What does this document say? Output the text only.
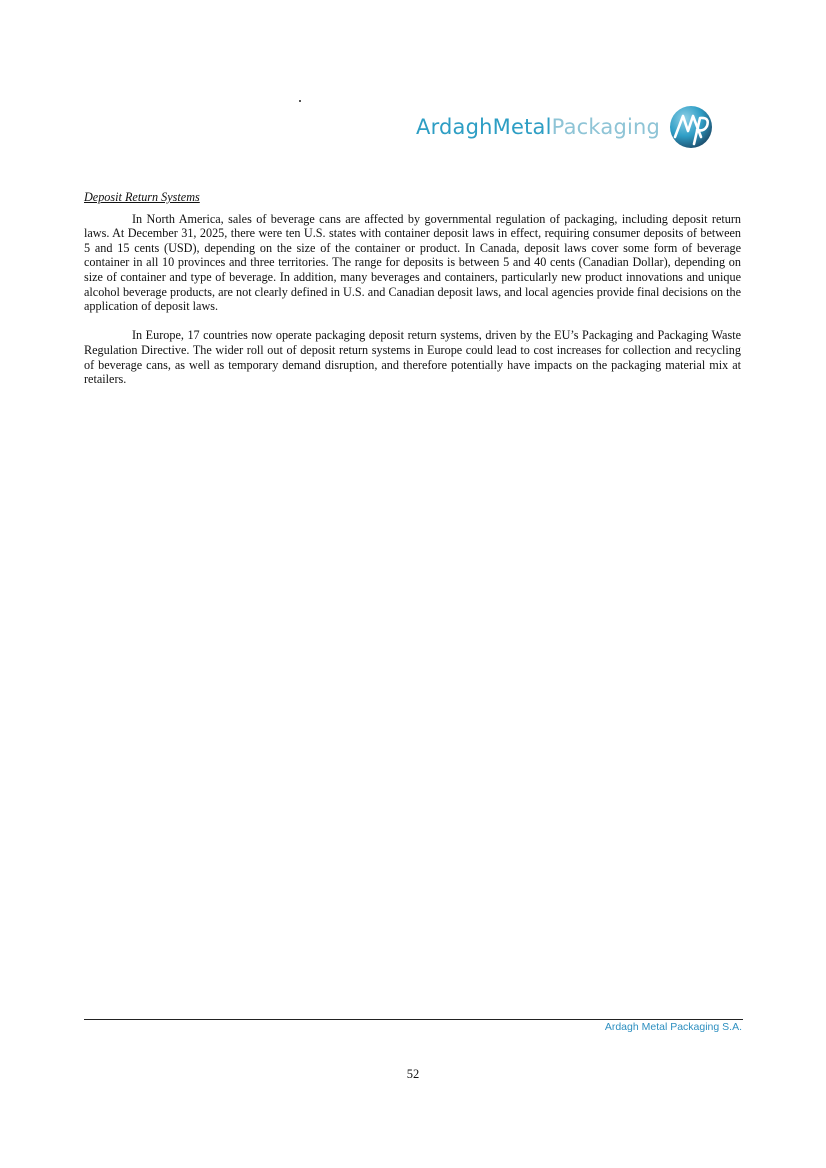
ArdaghMetalPackaging

Deposit Return Systems

In North America, sales of beverage cans are affected by governmental regulation of packaging, including deposit return laws. At December 31, 2025, there were ten U.S. states with container deposit laws in effect, requiring consumer deposits of between 5 and 15 cents (USD), depending on the size of the container or product. In Canada, deposit laws cover some form of beverage container in all 10 provinces and three territories. The range for deposits is between 5 and 40 cents (Canadian Dollar), depending on size of container and type of beverage. In addition, many beverages and containers, particularly new product innovations and unique alcohol beverage products, are not clearly defined in U.S. and Canadian deposit laws, and local agencies provide final decisions on the application of deposit laws.

In Europe, 17 countries now operate packaging deposit return systems, driven by the EU’s Packaging and Packaging Waste Regulation Directive. The wider roll out of deposit return systems in Europe could lead to cost increases for collection and recycling of beverage cans, as well as temporary demand disruption, and therefore potentially have impacts on the packaging material mix at retailers.

Ardagh Metal Packaging S.A.
52
